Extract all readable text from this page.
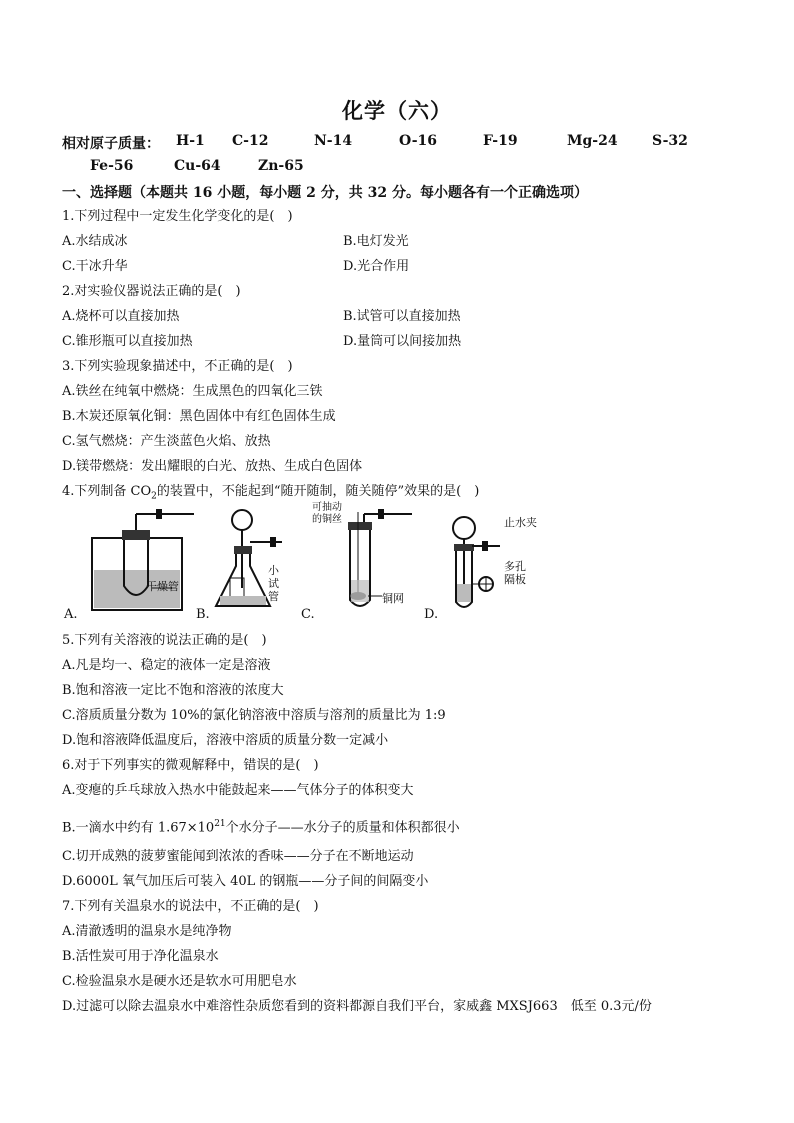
化学（六）
相对原子质量： H-1 C-12	N-14	O-16	F-19	Mg-24 S-32
Fe-56	Cu-64	Zn-65
一、选择题（本题共 16 小题，每小题 2 分，共 32 分。每小题各有一个正确选项）
1.下列过程中一定发生化学变化的是(　)
A.水结成冰	B.电灯发光
C.干冰升华	D.光合作用
2.对实验仪器说法正确的是(　)
A.烧杯可以直接加热	B.试管可以直接加热
C.锥形瓶可以直接加热	D.量筒可以间接加热
3.下列实验现象描述中，不正确的是(　)
A.铁丝在纯氧中燃烧：生成黑色的四氧化三铁
B.木炭还原氧化铜：黑色固体中有红色固体生成
C.氢气燃烧：产生淡蓝色火焰、放热
D.镁带燃烧：发出耀眼的白光、放热、生成白色固体
4.下列制备 $CO_2$的装置中，不能起到“随开随制，随关随停”效果的是(　)
干燥管
小试管
可抽动的铜丝
铜网
止水夹
多孔隔板
A.	B.	C.	D.
5.下列有关溶液的说法正确的是(　)
A.凡是均一、稳定的液体一定是溶液
B.饱和溶液一定比不饱和溶液的浓度大
C.溶质质量分数为 10%的氯化钠溶液中溶质与溶剂的质量比为 1:9
D.饱和溶液降低温度后，溶液中溶质的质量分数一定减小
6.对于下列事实的微观解释中，错误的是(　)
A.变瘪的乒乓球放入热水中能鼓起来——气体分子的体积变大
B.一滴水中约有 $1.67\times 10^{21}$个水分子——水分子的质量和体积都很小
C.切开成熟的菠萝蜜能闻到浓浓的香味——分子在不断地运动
D.6000L 氧气加压后可装入 40L 的钢瓶——分子间的间隔变小
7.下列有关温泉水的说法中，不正确的是(　)
A.清澈透明的温泉水是纯净物
B.活性炭可用于净化温泉水
C.检验温泉水是硬水还是软水可用肥皂水
D.过滤可以除去温泉水中难溶性杂质您看到的资料都源自我们平台，家威鑫 MXSJ663　低至 0.3元/份
